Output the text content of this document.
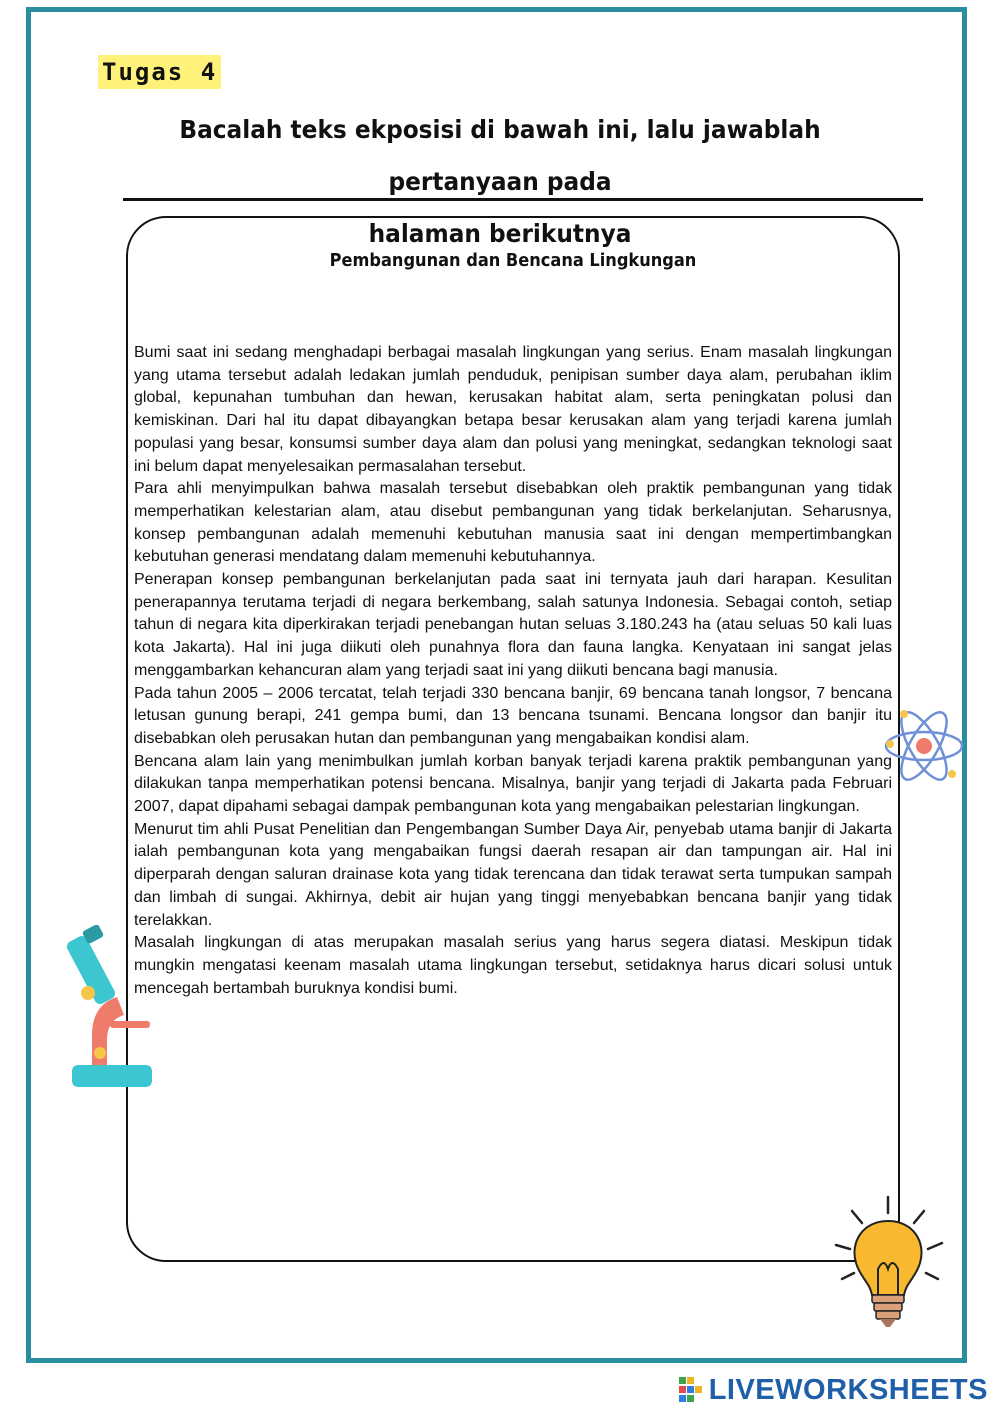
Tugas 4
Bacalah teks ekposisi di bawah ini, lalu jawablah pertanyaan pada
halaman berikutnya
Pembangunan dan Bencana Lingkungan

Bumi saat ini sedang menghadapi berbagai masalah lingkungan yang serius. Enam masalah lingkungan yang utama tersebut adalah ledakan jumlah penduduk, penipisan sumber daya alam, perubahan iklim global, kepunahan tumbuhan dan hewan, kerusakan habitat alam, serta peningkatan polusi dan kemiskinan. Dari hal itu dapat dibayangkan betapa besar kerusakan alam yang terjadi karena jumlah populasi yang besar, konsumsi sumber daya alam dan polusi yang meningkat, sedangkan teknologi saat ini belum dapat menyelesaikan permasalahan tersebut.

Para ahli menyimpulkan bahwa masalah tersebut disebabkan oleh praktik pembangunan yang tidak memperhatikan kelestarian alam, atau disebut pembangunan yang tidak berkelanjutan. Seharusnya, konsep pembangunan adalah memenuhi kebutuhan manusia saat ini dengan mempertimbangkan kebutuhan generasi mendatang dalam memenuhi kebutuhannya.

Penerapan konsep pembangunan berkelanjutan pada saat ini ternyata jauh dari harapan. Kesulitan penerapannya terutama terjadi di negara berkembang, salah satunya Indonesia. Sebagai contoh, setiap tahun di negara kita diperkirakan terjadi penebangan hutan seluas 3.180.243 ha (atau seluas 50 kali luas kota Jakarta). Hal ini juga diikuti oleh punahnya flora dan fauna langka. Kenyataan ini sangat jelas menggambarkan kehancuran alam yang terjadi saat ini yang diikuti bencana bagi manusia.

Pada tahun 2005 – 2006 tercatat, telah terjadi 330 bencana banjir, 69 bencana tanah longsor, 7 bencana letusan gunung berapi, 241 gempa bumi, dan 13 bencana tsunami. Bencana longsor dan banjir itu disebabkan oleh perusakan hutan dan pembangunan yang mengabaikan kondisi alam.

Bencana alam lain yang menimbulkan jumlah korban banyak terjadi karena praktik pembangunan yang dilakukan tanpa memperhatikan potensi bencana. Misalnya, banjir yang terjadi di Jakarta pada Februari 2007, dapat dipahami sebagai dampak pembangunan kota yang mengabaikan pelestarian lingkungan.

Menurut tim ahli Pusat Penelitian dan Pengembangan Sumber Daya Air, penyebab utama banjir di Jakarta ialah pembangunan kota yang mengabaikan fungsi daerah resapan air dan tampungan air. Hal ini diperparah dengan saluran drainase kota yang tidak terencana dan tidak terawat serta tumpukan sampah dan limbah di sungai. Akhirnya, debit air hujan yang tinggi menyebabkan bencana banjir yang tidak terelakkan.

Masalah lingkungan di atas merupakan masalah serius yang harus segera diatasi. Meskipun tidak mungkin mengatasi keenam masalah utama lingkungan tersebut, setidaknya harus dicari solusi untuk mencegah bertambah buruknya kondisi bumi.

LIVEWORKSHEETS
